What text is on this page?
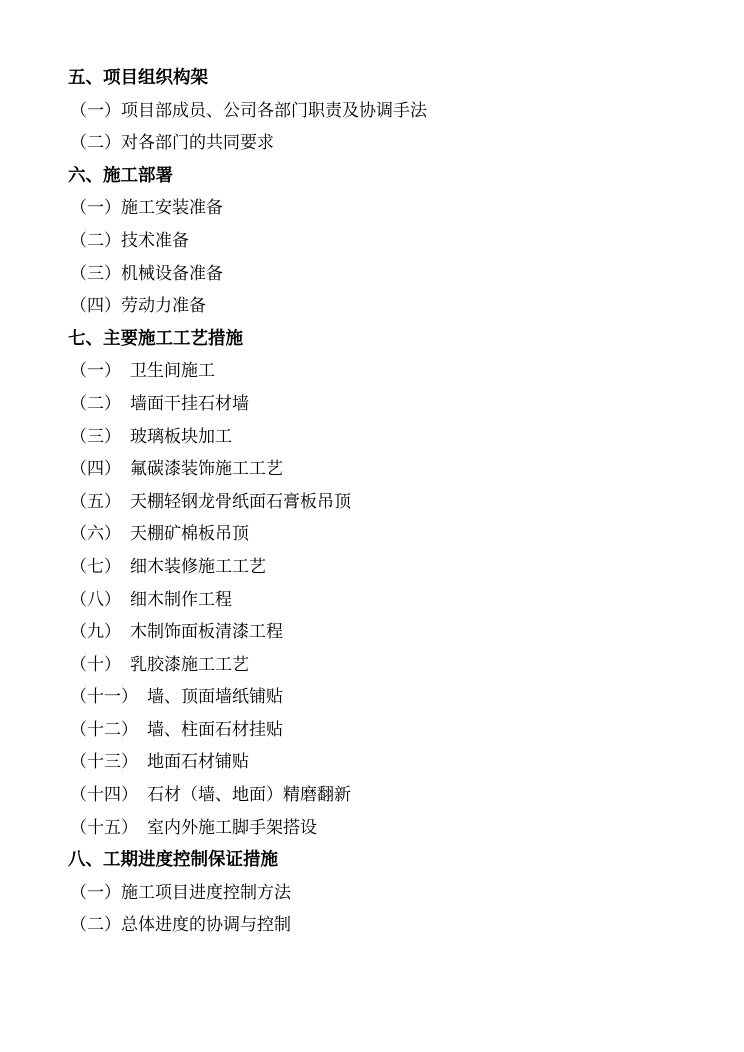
五、项目组织构架
（一）项目部成员、公司各部门职责及协调手法
（二）对各部门的共同要求
六、施工部署
（一）施工安装准备
（二）技术准备
（三）机械设备准备
（四）劳动力准备
七、主要施工工艺措施
（一） 卫生间施工
（二） 墙面干挂石材墙
（三） 玻璃板块加工
（四） 氟碳漆装饰施工工艺
（五） 天棚轻钢龙骨纸面石膏板吊顶
（六） 天棚矿棉板吊顶
（七） 细木装修施工工艺
（八） 细木制作工程
（九） 木制饰面板清漆工程
（十） 乳胶漆施工工艺
（十一） 墙、顶面墙纸铺贴
（十二） 墙、柱面石材挂贴
（十三） 地面石材铺贴
（十四） 石材（墙、地面）精磨翻新
（十五） 室内外施工脚手架搭设
八、工期进度控制保证措施
（一）施工项目进度控制方法
（二）总体进度的协调与控制
